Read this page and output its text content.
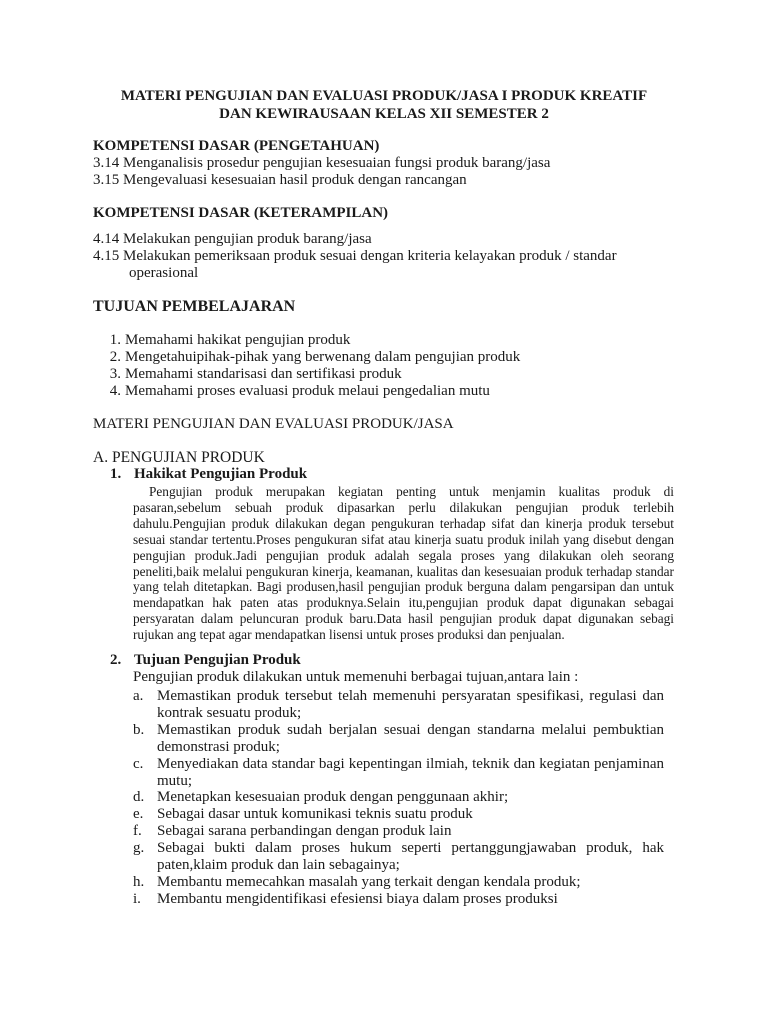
MATERI PENGUJIAN DAN EVALUASI PRODUK/JASA I PRODUK KREATIF
DAN KEWIRAUSAAN KELAS XII SEMESTER 2
KOMPETENSI DASAR (PENGETAHUAN)
3.14 Menganalisis prosedur pengujian kesesuaian fungsi produk barang/jasa
3.15 Mengevaluasi kesesuaian hasil produk dengan rancangan
KOMPETENSI DASAR (KETERAMPILAN)
4.14 Melakukan pengujian produk barang/jasa
4.15 Melakukan pemeriksaan produk sesuai dengan kriteria kelayakan produk / standar
operasional
TUJUAN PEMBELAJARAN
1. Memahami hakikat pengujian produk
2. Mengetahuipihak-pihak yang berwenang dalam pengujian produk
3. Memahami standarisasi dan sertifikasi produk
4. Memahami proses evaluasi produk melaui pengedalian mutu
MATERI PENGUJIAN DAN EVALUASI PRODUK/JASA
A. PENGUJIAN PRODUK
1. Hakikat Pengujian Produk
Pengujian produk merupakan kegiatan penting untuk menjamin kualitas produk di pasaran,sebelum sebuah produk dipasarkan perlu dilakukan pengujian produk terlebih dahulu.Pengujian produk dilakukan degan pengukuran terhadap sifat dan kinerja produk tersebut sesuai standar tertentu.Proses pengukuran sifat atau kinerja suatu produk inilah yang disebut dengan pengujian produk.Jadi pengujian produk adalah segala proses yang dilakukan oleh seorang peneliti,baik melalui pengukuran kinerja, keamanan, kualitas dan kesesuaian produk terhadap standar yang telah ditetapkan. Bagi produsen,hasil pengujian produk berguna dalam pengarsipan dan untuk mendapatkan hak paten atas produknya.Selain itu,pengujian produk dapat digunakan sebagai persyaratan dalam peluncuran produk baru.Data hasil pengujian produk dapat digunakan sebagi rujukan ang tepat agar mendapatkan lisensi untuk proses produksi dan penjualan.
2. Tujuan Pengujian Produk
Pengujian produk dilakukan untuk memenuhi berbagai tujuan,antara lain :
a. Memastikan produk tersebut telah memenuhi persyaratan spesifikasi, regulasi dan kontrak sesuatu produk;
b. Memastikan produk sudah berjalan sesuai dengan standarna melalui pembuktian demonstrasi produk;
c. Menyediakan data standar bagi kepentingan ilmiah, teknik dan kegiatan penjaminan mutu;
d. Menetapkan kesesuaian produk dengan penggunaan akhir;
e. Sebagai dasar untuk komunikasi teknis suatu produk
f.	Sebagai sarana perbandingan dengan produk lain
g. Sebagai bukti dalam proses hukum seperti pertanggungjawaban produk, hak paten,klaim produk dan lain sebagainya;
h. Membantu memecahkan masalah yang terkait dengan kendala produk;
i.	Membantu mengidentifikasi efesiensi biaya dalam proses produksi
